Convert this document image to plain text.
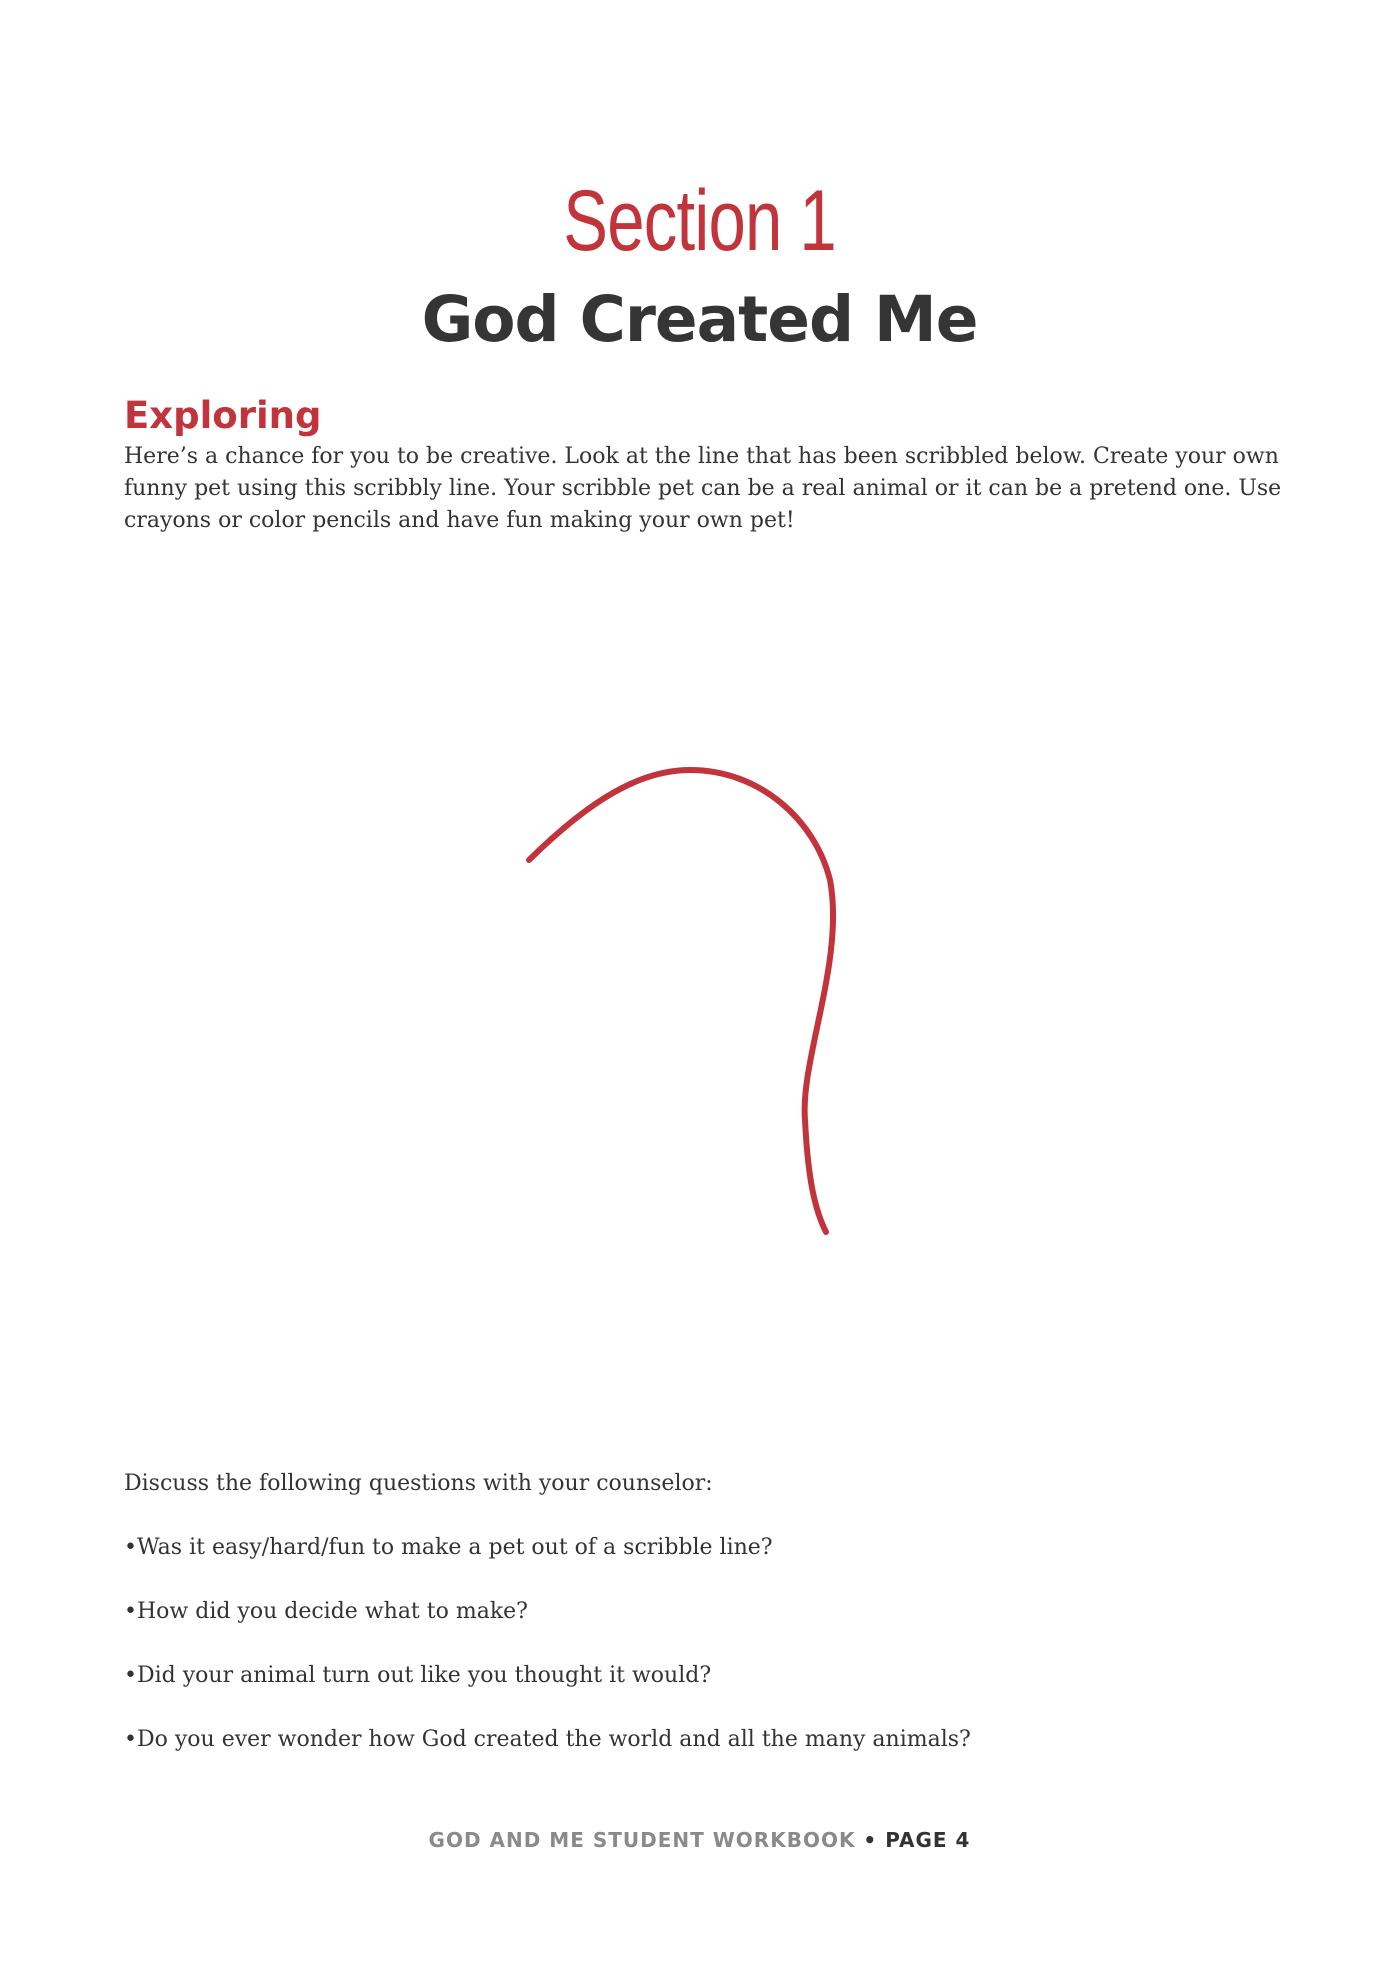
Section 1
God Created Me
Exploring

Here’s a chance for you to be creative. Look at the line that has been scribbled below. Create your own funny pet using this scribbly line. Your scribble pet can be a real animal or it can be a pretend one. Use crayons or color pencils and have fun making your own pet!

Discuss the following questions with your counselor:

•Was it easy/hard/fun to make a pet out of a scribble line?

•How did you decide what to make?

•Did your animal turn out like you thought it would?

•Do you ever wonder how God created the world and all the many animals?

GOD AND ME STUDENT WORKBOOK • PAGE 4
